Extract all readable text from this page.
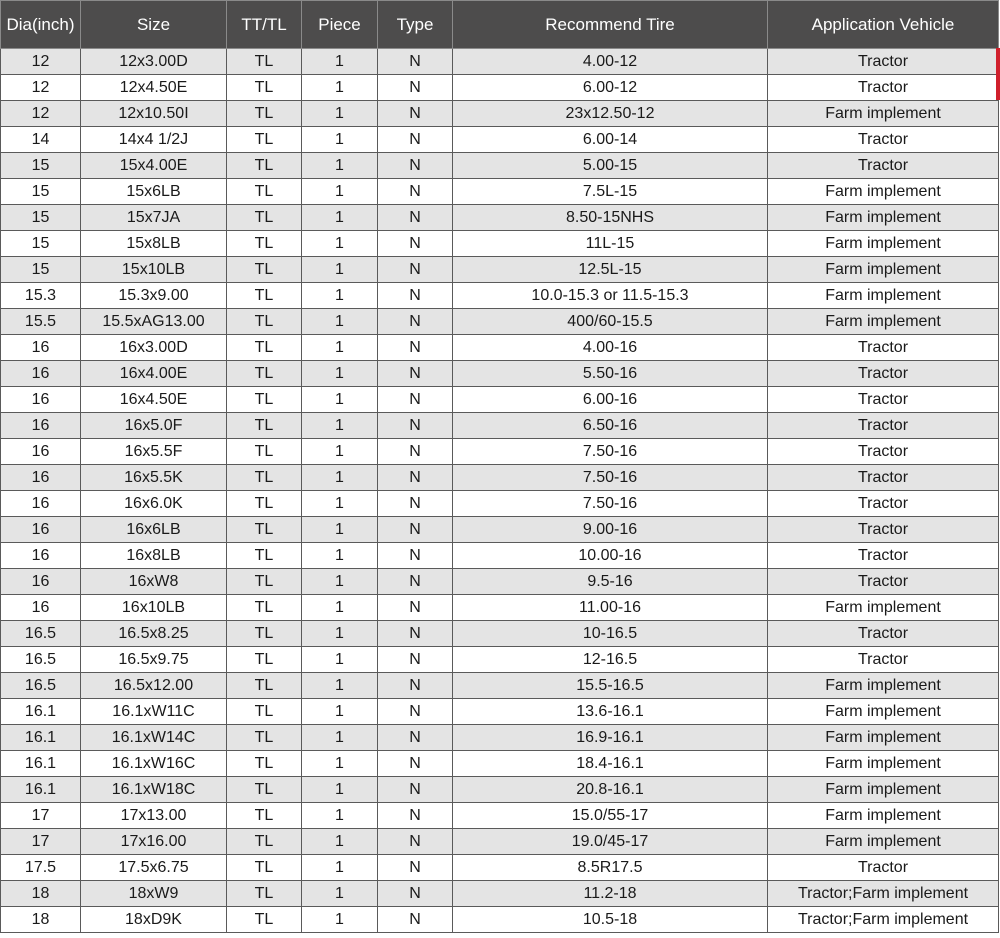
Dia(inch)	Size	TT/TL	Piece	Type	Recommend Tire	Application Vehicle
12	12x3.00D	TL	1	N	4.00-12	Tractor
12	12x4.50E	TL	1	N	6.00-12	Tractor
12	12x10.50I	TL	1	N	23x12.50-12	Farm implement
14	14x4 1/2J	TL	1	N	6.00-14	Tractor
15	15x4.00E	TL	1	N	5.00-15	Tractor
15	15x6LB	TL	1	N	7.5L-15	Farm implement
15	15x7JA	TL	1	N	8.50-15NHS	Farm implement
15	15x8LB	TL	1	N	11L-15	Farm implement
15	15x10LB	TL	1	N	12.5L-15	Farm implement
15.3	15.3x9.00	TL	1	N	10.0-15.3 or 11.5-15.3	Farm implement
15.5	15.5xAG13.00	TL	1	N	400/60-15.5	Farm implement
16	16x3.00D	TL	1	N	4.00-16	Tractor
16	16x4.00E	TL	1	N	5.50-16	Tractor
16	16x4.50E	TL	1	N	6.00-16	Tractor
16	16x5.0F	TL	1	N	6.50-16	Tractor
16	16x5.5F	TL	1	N	7.50-16	Tractor
16	16x5.5K	TL	1	N	7.50-16	Tractor
16	16x6.0K	TL	1	N	7.50-16	Tractor
16	16x6LB	TL	1	N	9.00-16	Tractor
16	16x8LB	TL	1	N	10.00-16	Tractor
16	16xW8	TL	1	N	9.5-16	Tractor
16	16x10LB	TL	1	N	11.00-16	Farm implement
16.5	16.5x8.25	TL	1	N	10-16.5	Tractor
16.5	16.5x9.75	TL	1	N	12-16.5	Tractor
16.5	16.5x12.00	TL	1	N	15.5-16.5	Farm implement
16.1	16.1xW11C	TL	1	N	13.6-16.1	Farm implement
16.1	16.1xW14C	TL	1	N	16.9-16.1	Farm implement
16.1	16.1xW16C	TL	1	N	18.4-16.1	Farm implement
16.1	16.1xW18C	TL	1	N	20.8-16.1	Farm implement
17	17x13.00	TL	1	N	15.0/55-17	Farm implement
17	17x16.00	TL	1	N	19.0/45-17	Farm implement
17.5	17.5x6.75	TL	1	N	8.5R17.5	Tractor
18	18xW9	TL	1	N	11.2-18	Tractor;Farm implement
18	18xD9K	TL	1	N	10.5-18	Tractor;Farm implement
